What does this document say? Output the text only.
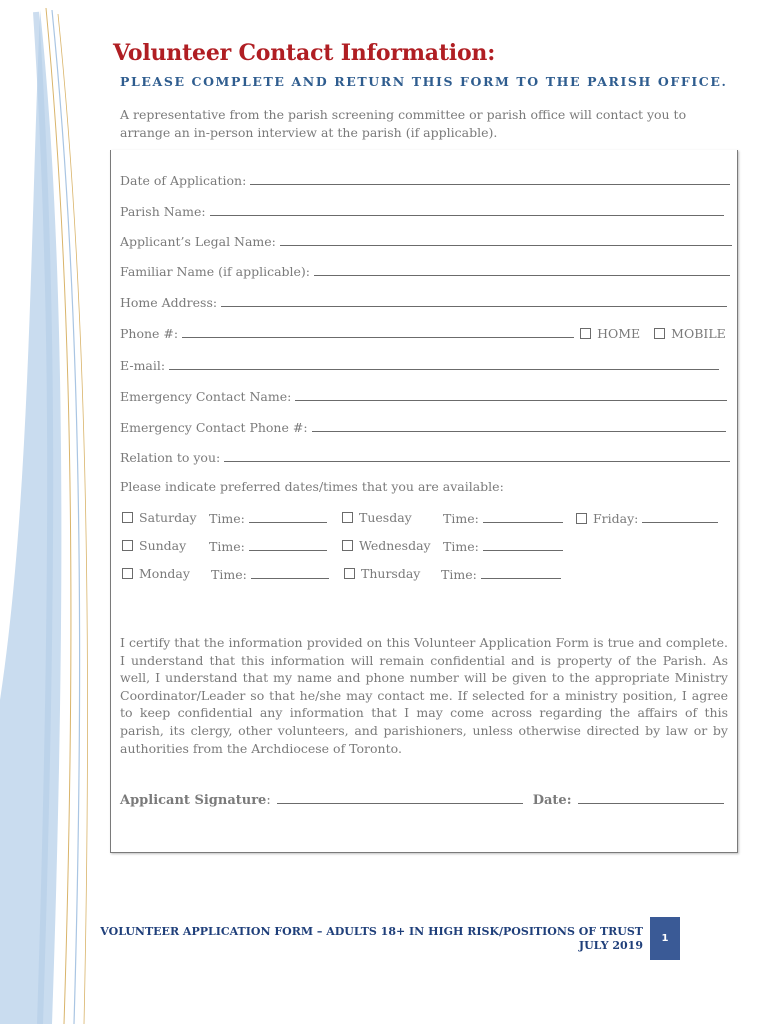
Volunteer Contact Information:
PLEASE COMPLETE AND RETURN THIS FORM TO THE PARISH OFFICE.
A representative from the parish screening committee or parish office will contact you to arrange an in-person interview at the parish (if applicable).
Date of Application:
Parish Name:
Applicant’s Legal Name:
Familiar Name (if applicable):
Home Address:
Phone #:	HOME MOBILE
E-mail:
Emergency Contact Name:
Emergency Contact Phone #:
Relation to you:
Please indicate preferred dates/times that you are available:
Saturday Time:	Tuesday	Time:	Friday:
Sunday Time:	Wednesday Time:
Monday Time:	Thursday Time:
I certify that the information provided on this Volunteer Application Form is true and complete. I understand that this information will remain confidential and is property of the Parish. As well, I understand that my name and phone number will be given to the appropriate Ministry Coordinator/Leader so that he/she may contact me. If selected for a ministry position, I agree to keep confidential any information that I may come across regarding the affairs of this parish, its clergy, other volunteers, and parishioners, unless otherwise directed by law or by authorities from the Archdiocese of Toronto.
Applicant Signature :	Date:
VOLUNTEER APPLICATION FORM – ADULTS 18+ IN HIGH RISK/POSITIONS OF TRUST
JULY 2019
1
